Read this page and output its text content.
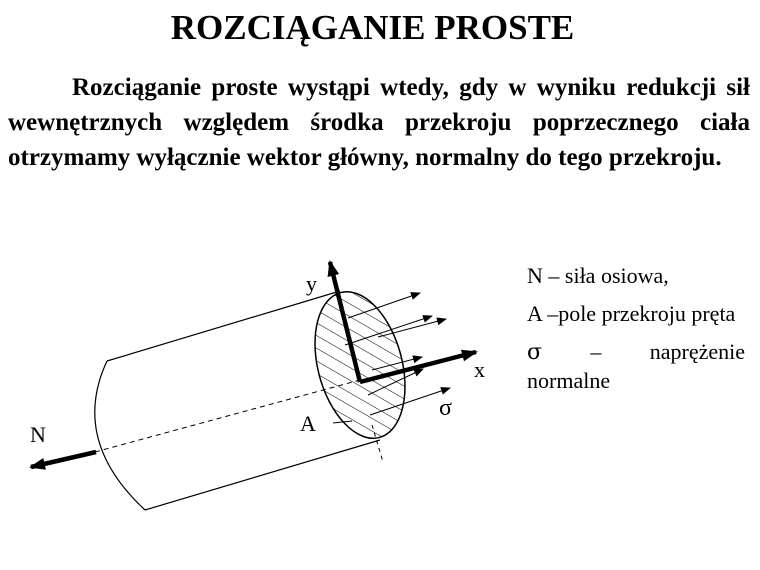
ROZCIĄGANIE PROSTE

Rozciąganie proste wystąpi wtedy, gdy w wyniku redukcji sił wewnętrznych względem środka przekroju poprzecznego ciała otrzymamy wyłącznie wektor główny, normalny do tego przekroju.

y
x
N	A
σ

N – siła osiowa,

A –pole przekroju pręta

σ – naprężenie normalne
